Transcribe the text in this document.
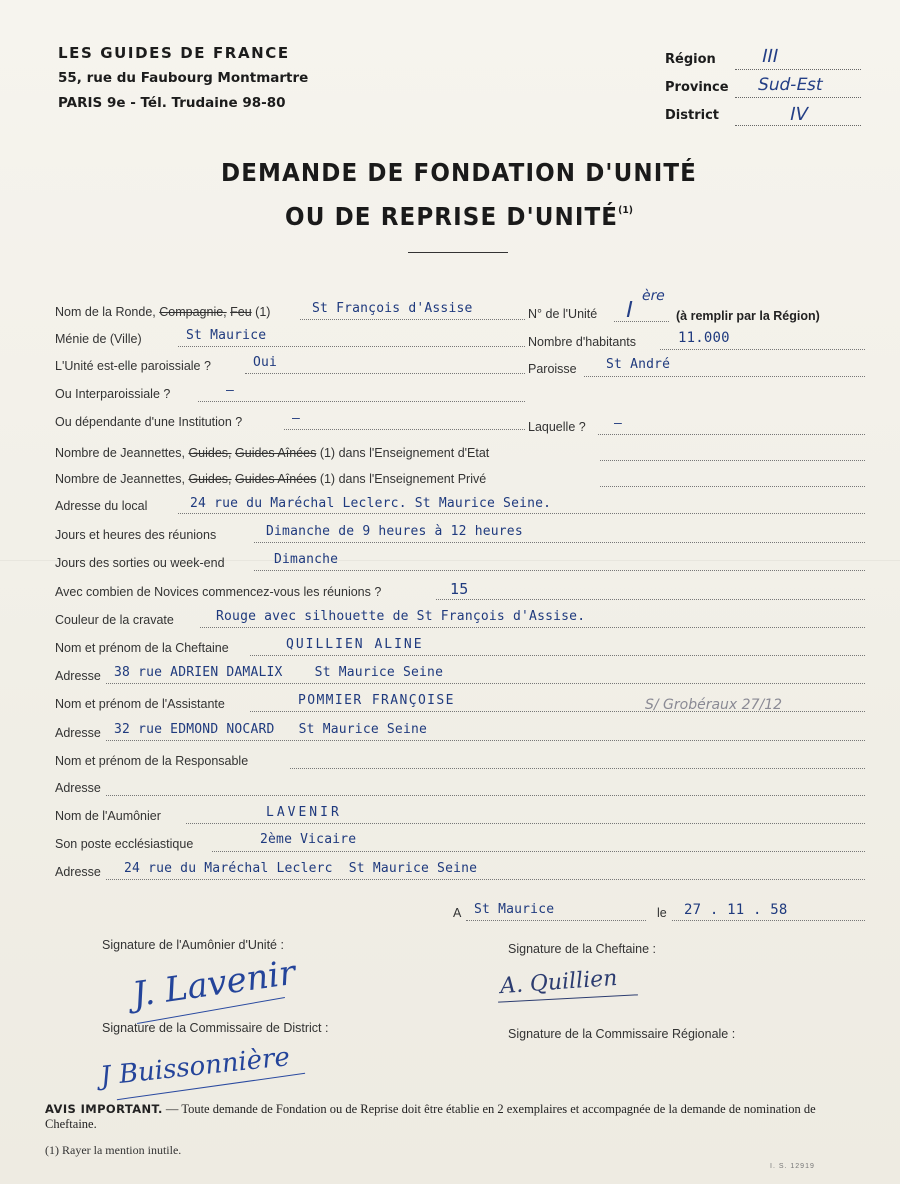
LES GUIDES DE FRANCE
55, rue du Faubourg Montmartre
PARIS 9e - Tél. Trudaine 98-80
Région III
Province Sud-Est
District	IV
DEMANDE DE FONDATION D'UNITÉ
OU DE REPRISE D'UNITÉ$^{(1)}$
Nom de la Ronde, Compagnie, Feu (1)	St François d'Assise	N° de l'Unité I
ère
(à remplir par la Région)
Ménie de (Ville)	St Maurice	Nombre d'habitants	11.000
L'Unité est-elle paroissiale ?	Oui	Paroisse St André
Ou Interparoissiale ?	—
Ou dépendante d'une Institution ?	—
Laquelle ? —
Nombre de Jeannettes, Guides, Guides Aînées (1) dans l'Enseignement d'Etat
Nombre de Jeannettes, Guides, Guides Aînées (1) dans l'Enseignement Privé
Adresse du local	24 rue du Maréchal Leclerc. St Maurice Seine.
Jours et heures des réunions	Dimanche de 9 heures à 12 heures
Jours des sorties ou week-end	Dimanche
Avec combien de Novices commencez-vous les réunions ?	15
Couleur de la cravate	Rouge avec silhouette de St François d'Assise.
Nom et prénom de la Cheftaine	QUILLIEN ALINE
Adresse 38 rue ADRIEN DAMALIX    St Maurice Seine
Nom et prénom de l'Assistante	POMMIER FRANÇOISE	S/ Grobéraux 27/12
Adresse 32 rue EDMOND NOCARD   St Maurice Seine
Nom et prénom de la Responsable
Adresse
Nom de l'Aumônier	LAVENIR
Son poste ecclésiastique	2ème Vicaire
Adresse 24 rue du Maréchal Leclerc  St Maurice Seine
A St Maurice	le 27 . 11 . 58
Signature de l'Aumônier d'Unité :
J. Lavenir
Signature de la Cheftaine :
A. Quillien
Signature de la Commissaire de District :
J Buissonnière
Signature de la Commissaire Régionale :
AVIS IMPORTANT. — Toute demande de Fondation ou de Reprise doit être établie en 2 exemplaires et accompagnée de la demande de nomination de Cheftaine.
(1) Rayer la mention inutile.
I. S. 12919
